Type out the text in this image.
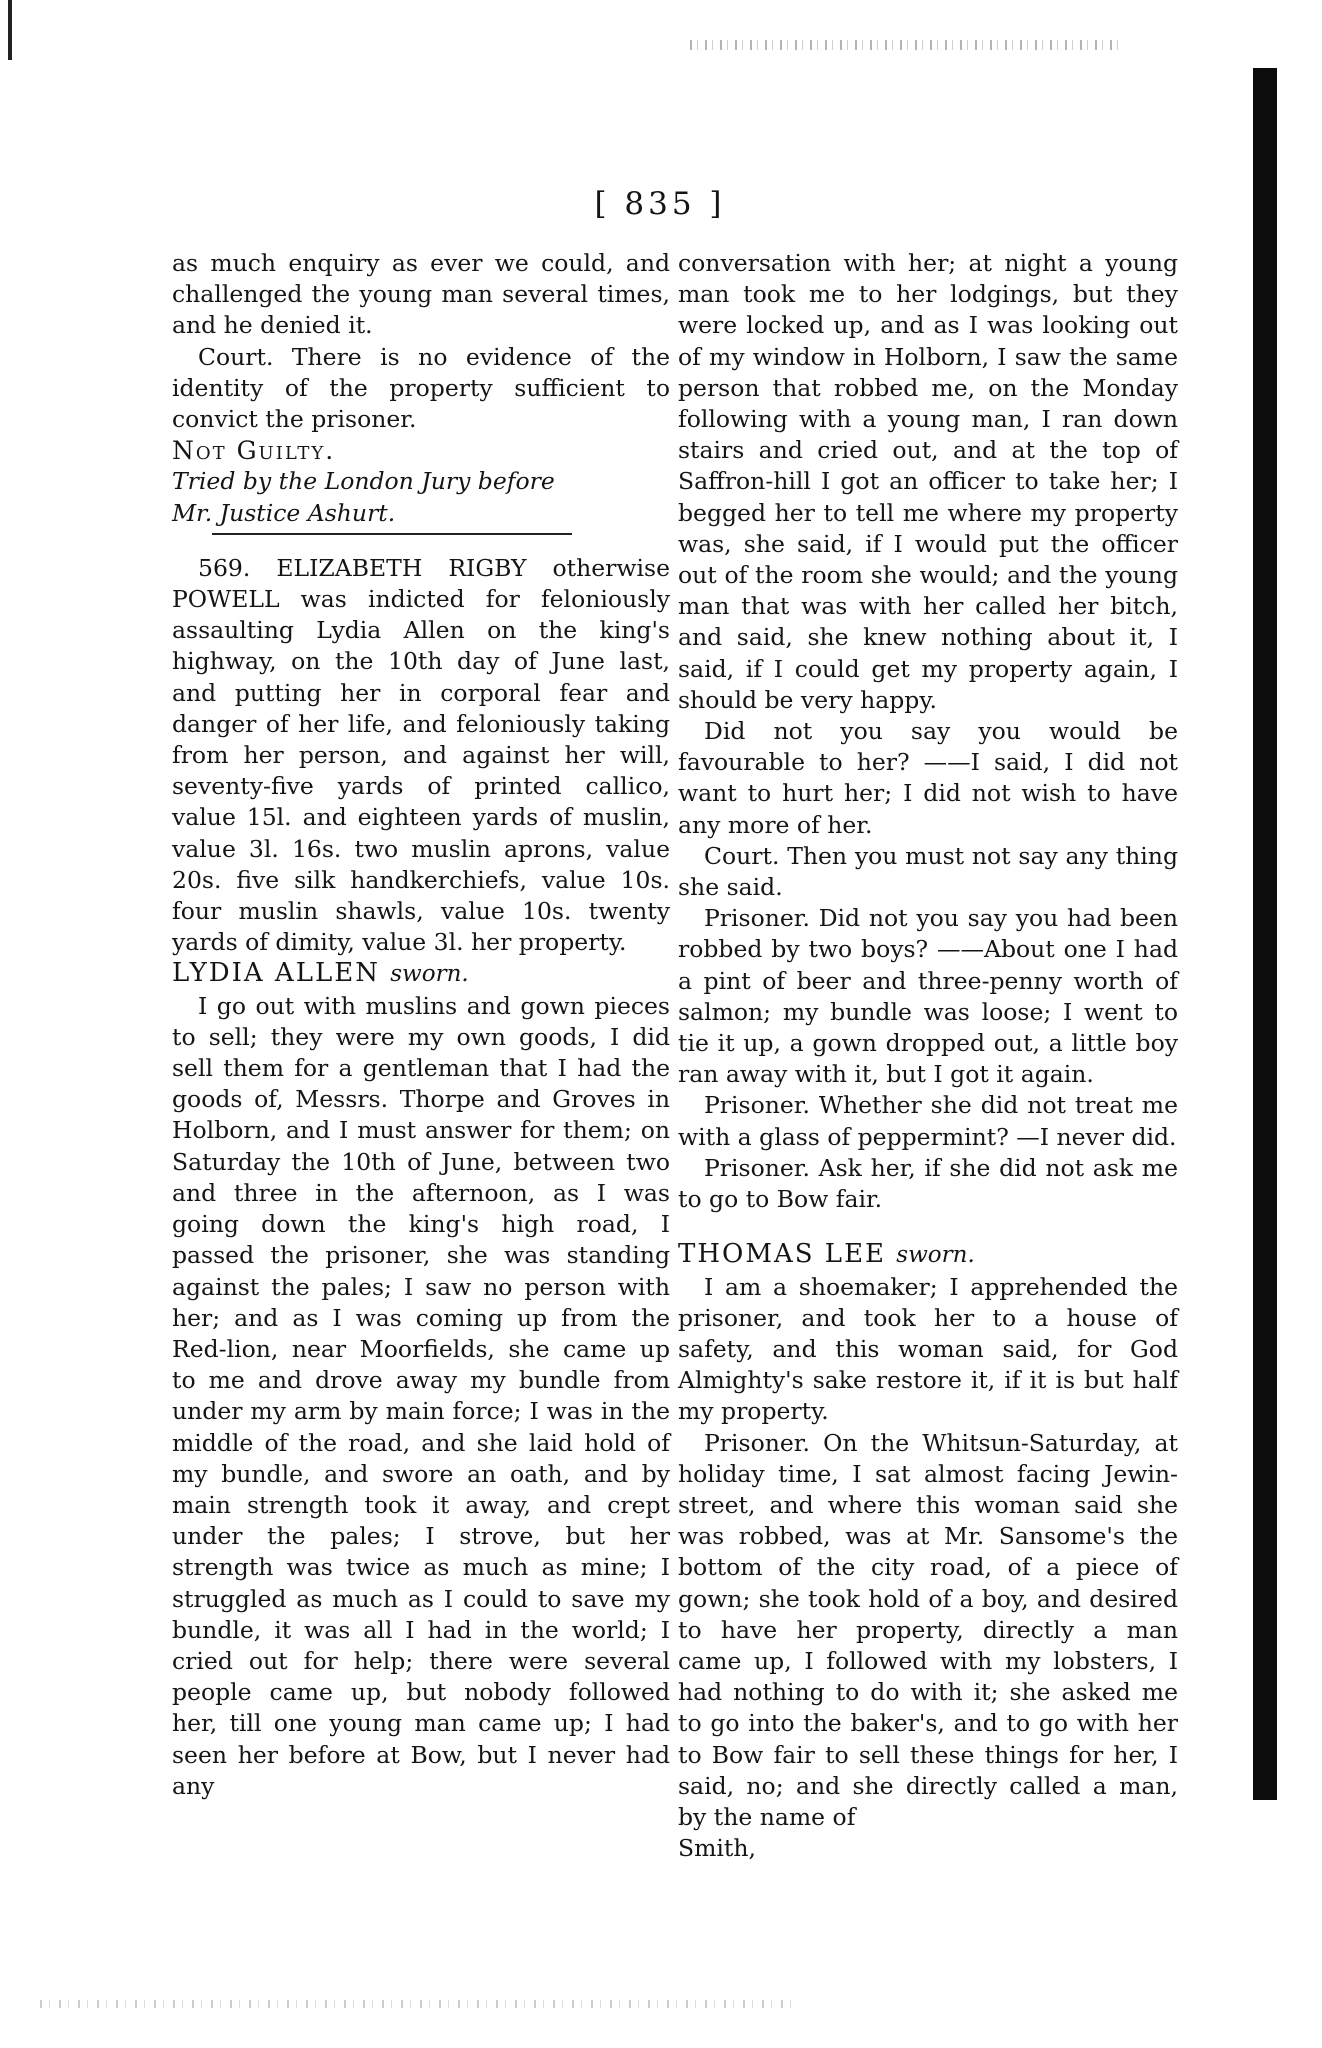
[ 835 ]

as much enquiry as ever we could, and challenged the young man several times, and he denied it.

Court. There is no evidence of the identity of the property sufficient to convict the prisoner.

Not Guilty.

Tried by the London Jury before
Mr. Justice Ashurt.

569. ELIZABETH RIGBY otherwise POWELL was indicted for feloniously assaulting Lydia Allen on the king's highway, on the 10th day of June last, and putting her in corporal fear and danger of her life, and feloniously taking from her person, and against her will, seventy-five yards of printed callico, value 15l. and eighteen yards of muslin, value 3l. 16s. two muslin aprons, value 20s. five silk handkerchiefs, value 10s. four muslin shawls, value 10s. twenty yards of dimity, value 3l. her property.

LYDIA ALLEN sworn.

I go out with muslins and gown pieces to sell; they were my own goods, I did sell them for a gentleman that I had the goods of, Messrs. Thorpe and Groves in Holborn, and I must answer for them; on Saturday the 10th of June, between two and three in the afternoon, as I was going down the king's high road, I passed the prisoner, she was standing against the pales; I saw no person with her; and as I was coming up from the Red-lion, near Moorfields, she came up to me and drove away my bundle from under my arm by main force; I was in the middle of the road, and she laid hold of my bundle, and swore an oath, and by main strength took it away, and crept under the pales; I strove, but her strength was twice as much as mine; I struggled as much as I could to save my bundle, it was all I had in the world; I cried out for help; there were several people came up, but nobody followed her, till one young man came up; I had seen her before at Bow, but I never had any

conversation with her; at night a young man took me to her lodgings, but they were locked up, and as I was looking out of my window in Holborn, I saw the same person that robbed me, on the Monday following with a young man, I ran down stairs and cried out, and at the top of Saffron-hill I got an officer to take her; I begged her to tell me where my property was, she said, if I would put the officer out of the room she would; and the young man that was with her called her bitch, and said, she knew nothing about it, I said, if I could get my property again, I should be very happy.

Did not you say you would be favourable to her? ——I said, I did not want to hurt her; I did not wish to have any more of her.

Court. Then you must not say any thing she said.

Prisoner. Did not you say you had been robbed by two boys? ——About one I had a pint of beer and three-penny worth of salmon; my bundle was loose; I went to tie it up, a gown dropped out, a little boy ran away with it, but I got it again.

Prisoner. Whether she did not treat me with a glass of peppermint? —I never did.

Prisoner. Ask her, if she did not ask me to go to Bow fair.

THOMAS LEE sworn.

I am a shoemaker; I apprehended the prisoner, and took her to a house of safety, and this woman said, for God Almighty's sake restore it, if it is but half my property.

Prisoner. On the Whitsun-Saturday, at holiday time, I sat almost facing Jewin-street, and where this woman said she was robbed, was at Mr. Sansome's the bottom of the city road, of a piece of gown; she took hold of a boy, and desired to have her property, directly a man came up, I followed with my lobsters, I had nothing to do with it; she asked me to go into the baker's, and to go with her to Bow fair to sell these things for her, I said, no; and she directly called a man, by the name of

Smith,
